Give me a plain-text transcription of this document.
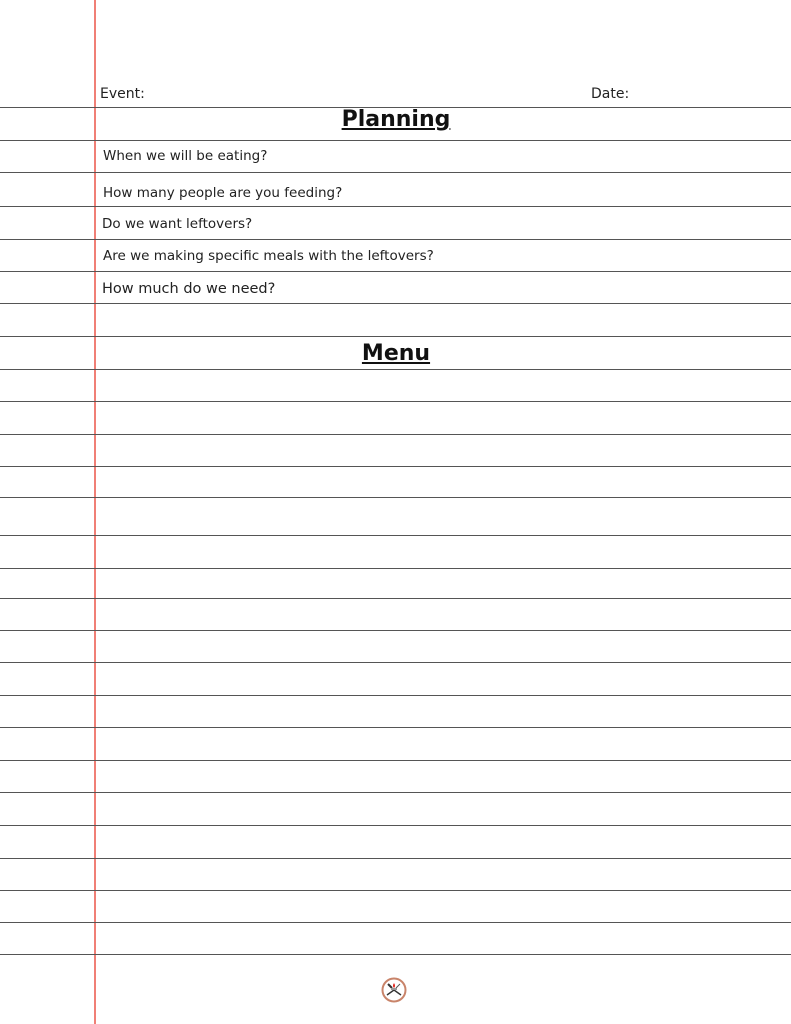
Event:	Date:
Planning
When we will be eating?
How many people are you feeding?
Do we want leftovers?
Are we making specific meals with the leftovers?
How much do we need?
Menu
